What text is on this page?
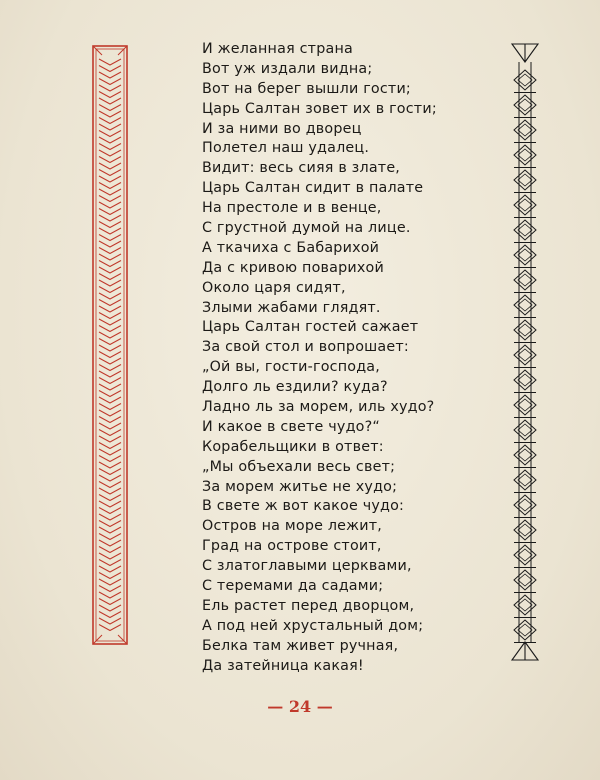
И желанная страна
Вот уж издали видна;
Вот на берег вышли гости;
Царь Салтан зовет их в гости;
И за ними во дворец
Полетел наш удалец.
Видит: весь сияя в злате,
Царь Салтан сидит в палате
На престоле и в венце,
С грустной думой на лице.
А ткачиха с Бабарихой
Да с кривою поварихой
Около царя сидят,
Злыми жабами глядят.
Царь Салтан гостей сажает
За свой стол и вопрошает:
„Ой вы, гости-господа,
Долго ль ездили? куда?
Ладно ль за морем, иль худо?
И какое в свете чудо?“
Корабельщики в ответ:
„Мы объехали весь свет;
За морем житье не худо;
В свете ж вот какое чудо:
Остров на море лежит,
Град на острове стоит,
С златоглавыми церквами,
С теремами да садами;
Ель растет перед дворцом,
А под ней хрустальный дом;
Белка там живет ручная,
Да затейница какая!
— 24 —
